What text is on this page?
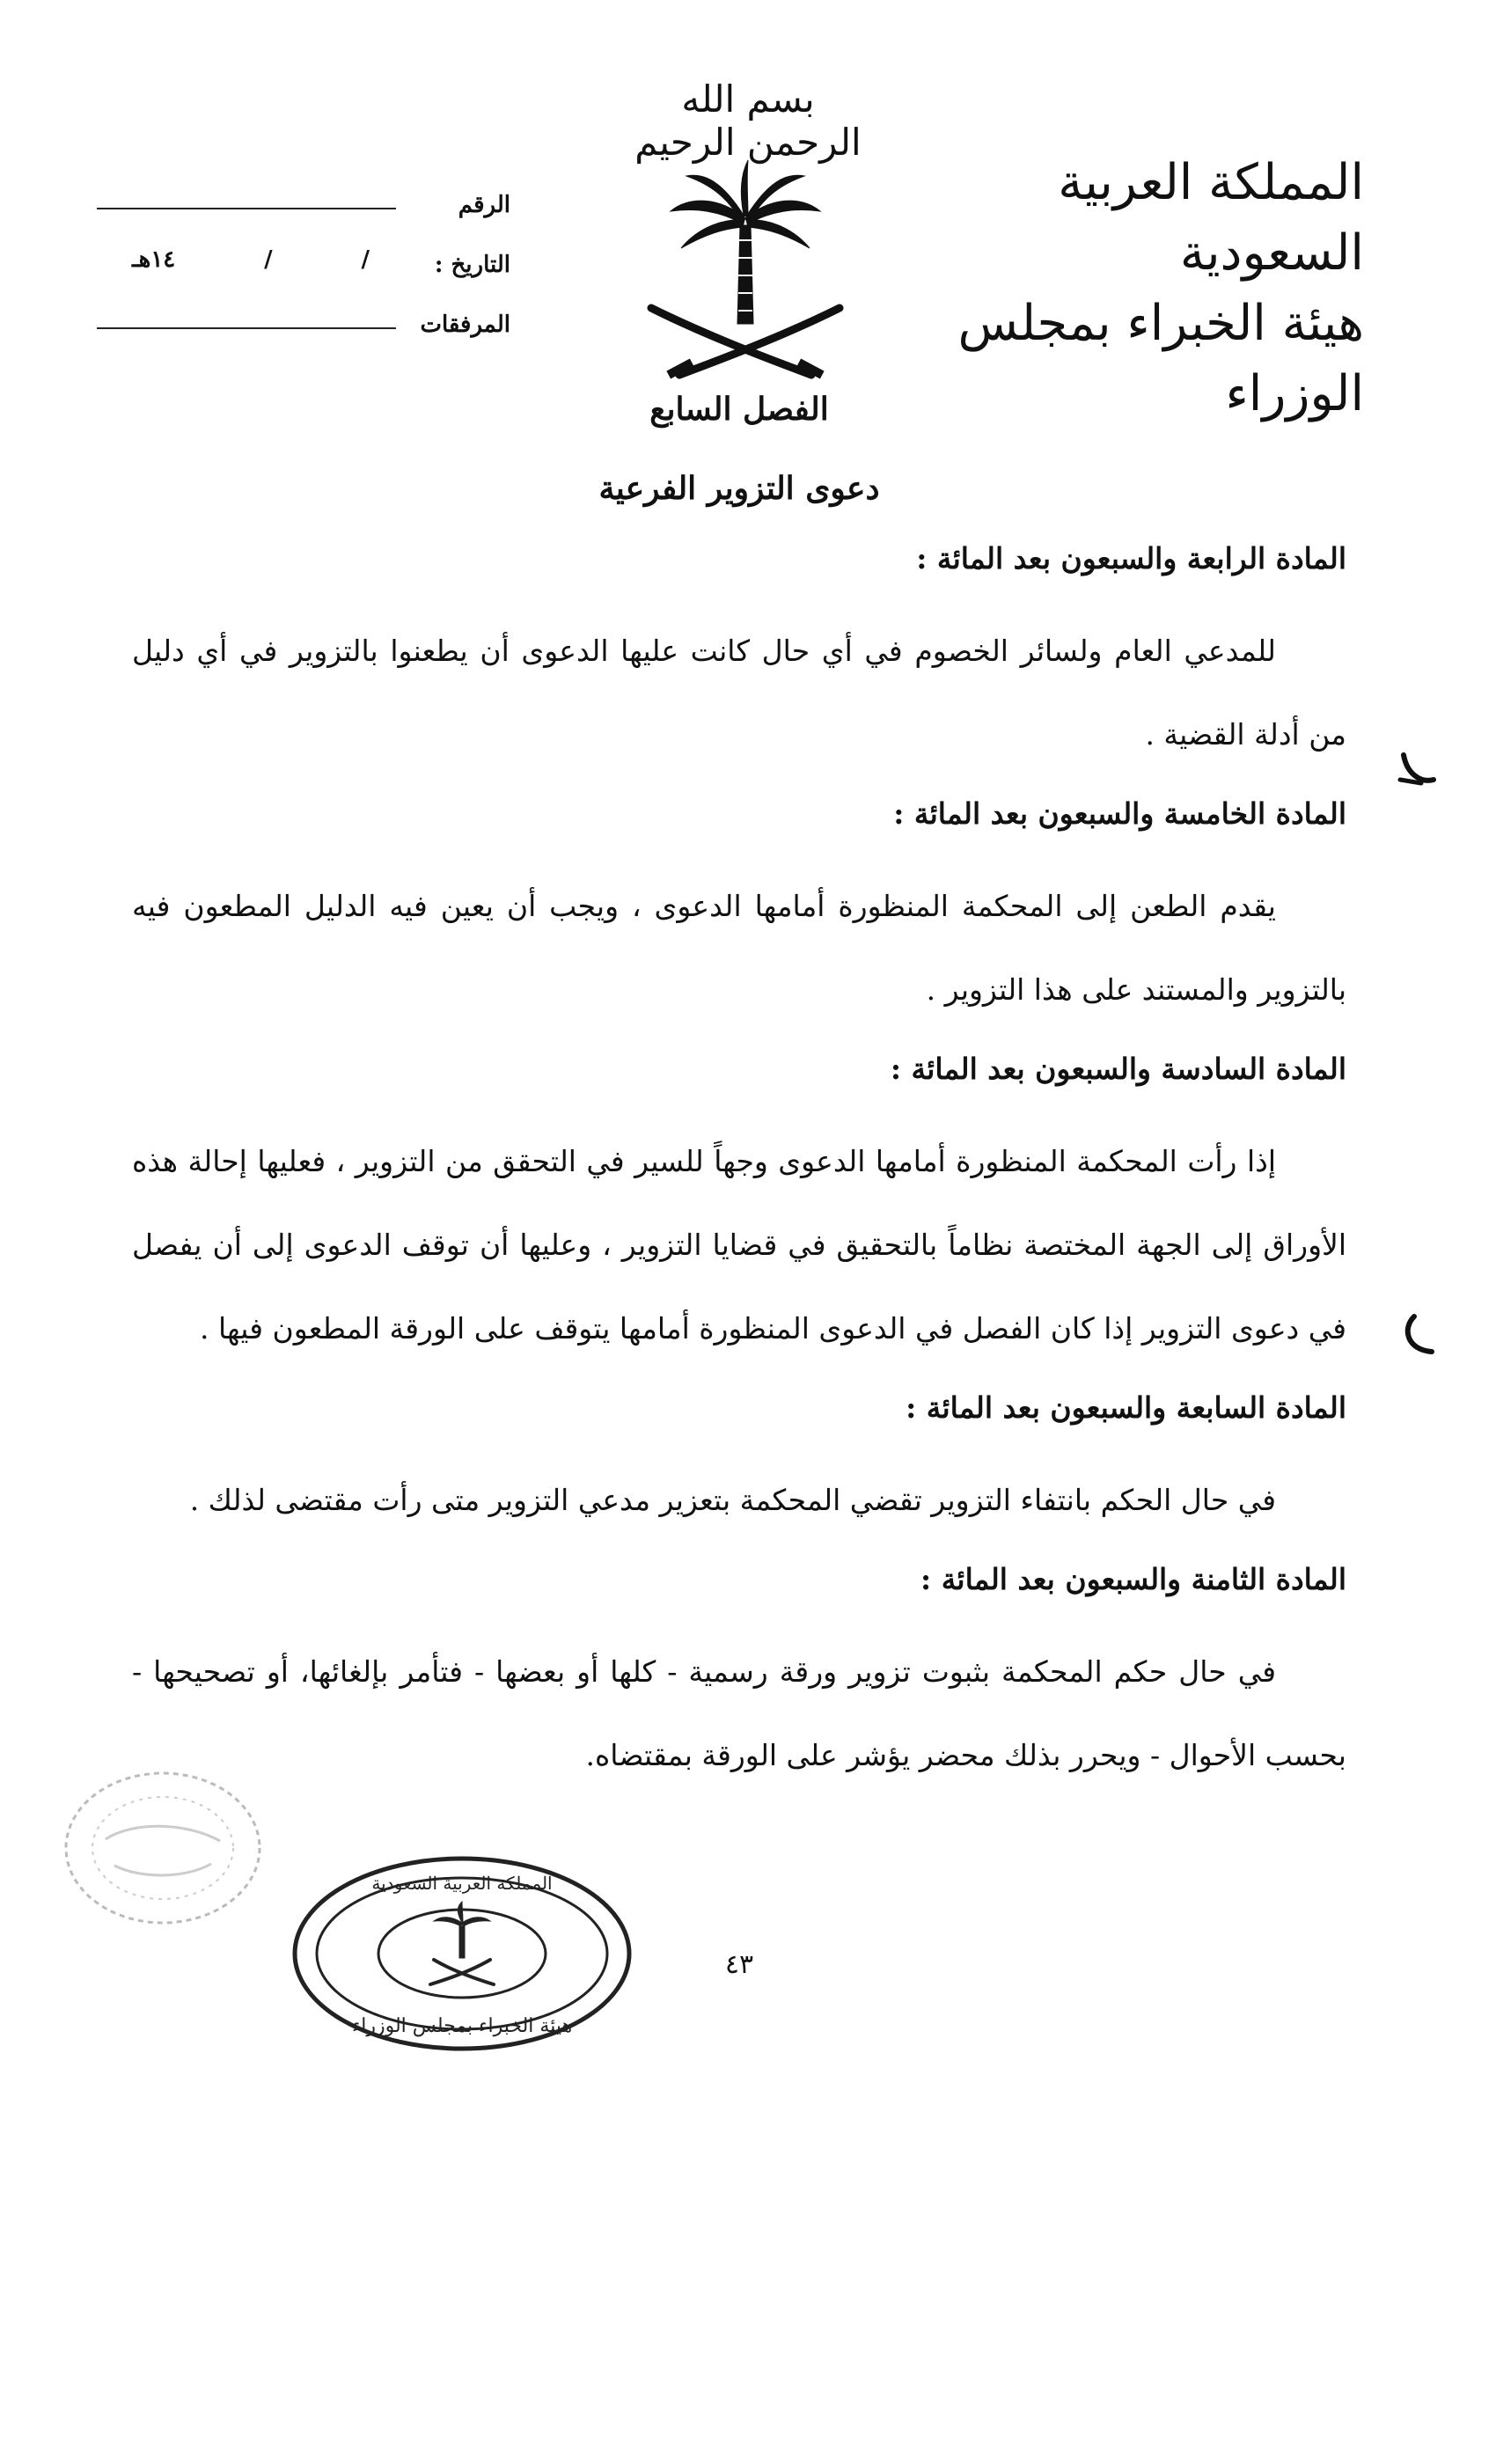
بسم الله الرحمن الرحيم
المملكة العربية السعودية
هيئة الخبراء بمجلس الوزراء
الرقم
التاريخ :
/
/
١٤هـ
المرفقات
الفصل السابع
دعوى التزوير الفرعية
المادة الرابعة والسبعون بعد المائة :

للمدعي العام ولسائر الخصوم في أي حال كانت عليها الدعوى أن يطعنوا بالتزوير في أي دليل من أدلة القضية .

المادة الخامسة والسبعون بعد المائة :

يقدم الطعن إلى المحكمة المنظورة أمامها الدعوى ، ويجب أن يعين فيه الدليل المطعون فيه بالتزوير والمستند على هذا التزوير .

المادة السادسة والسبعون بعد المائة :

إذا رأت المحكمة المنظورة أمامها الدعوى وجهاً للسير في التحقق من التزوير ، فعليها إحالة هذه الأوراق إلى الجهة المختصة نظاماً بالتحقيق في قضايا التزوير ، وعليها أن توقف الدعوى إلى أن يفصل في دعوى التزوير إذا كان الفصل في الدعوى المنظورة أمامها يتوقف على الورقة المطعون فيها .

المادة السابعة والسبعون بعد المائة :

في حال الحكم بانتفاء التزوير تقضي المحكمة بتعزير مدعي التزوير متى رأت مقتضى لذلك .

المادة الثامنة والسبعون بعد المائة :

في حال حكم المحكمة بثبوت تزوير ورقة رسمية - كلها أو بعضها - فتأمر بإلغائها، أو تصحيحها - بحسب الأحوال - ويحرر بذلك محضر يؤشر على الورقة بمقتضاه.

المملكة العربية السعودية
هيئة الخبراء بمجلس الوزراء
٤٣
